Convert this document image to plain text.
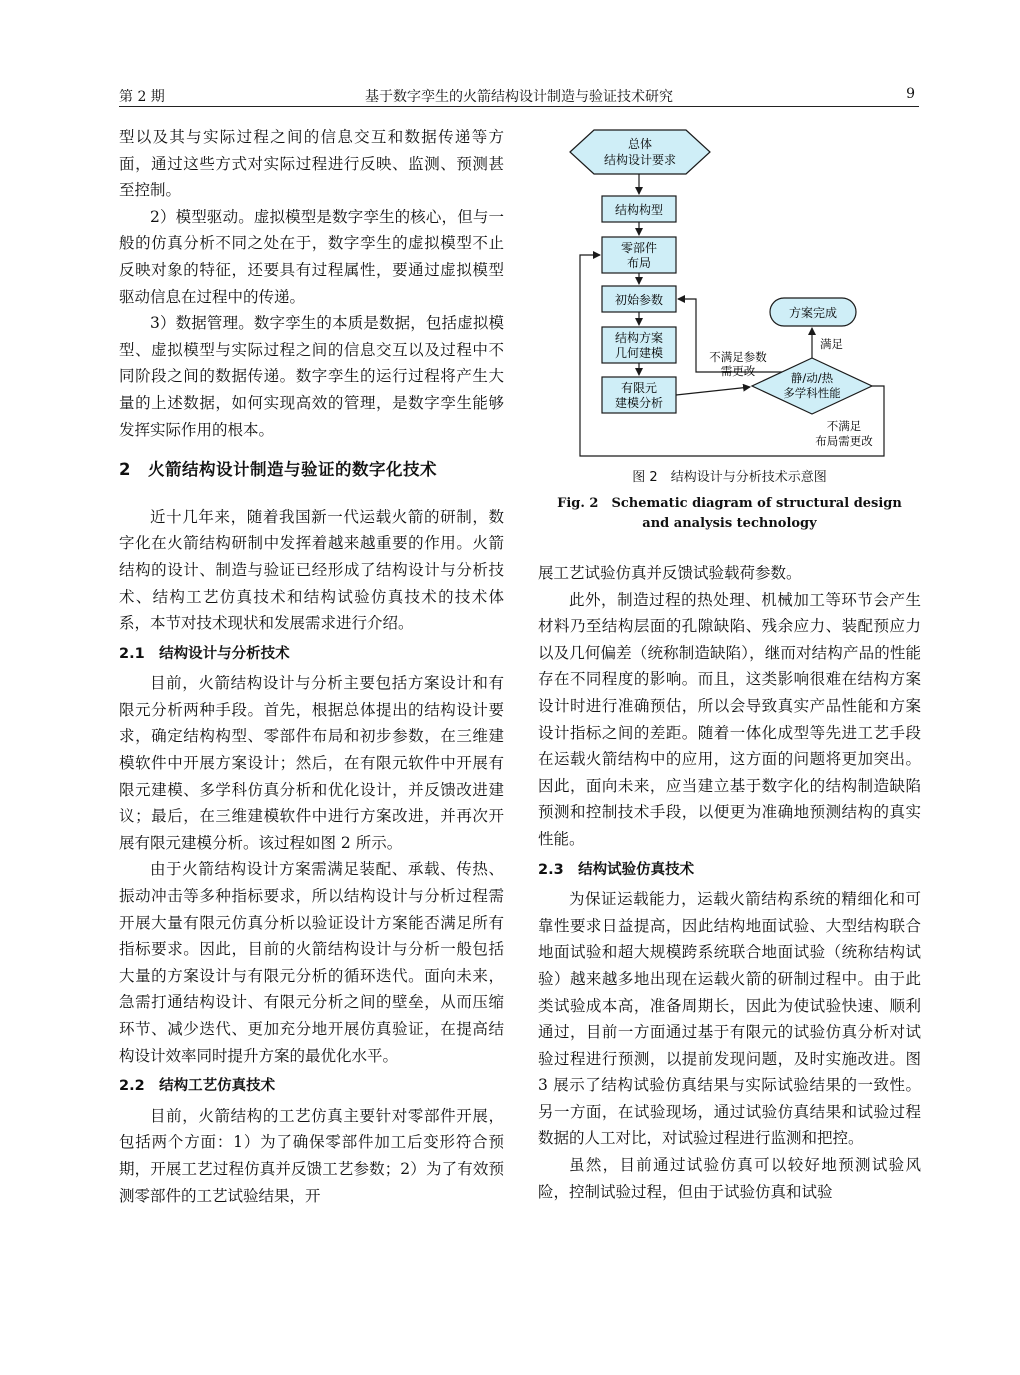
第 2 期	基于数字孪生的火箭结构设计制造与验证技术研究	9

型以及其与实际过程之间的信息交互和数据传递等方面，通过这些方式对实际过程进行反映、监测、预测甚至控制。

2）模型驱动。虚拟模型是数字孪生的核心，但与一般的仿真分析不同之处在于，数字孪生的虚拟模型不止反映对象的特征，还要具有过程属性，要通过虚拟模型驱动信息在过程中的传递。

3）数据管理。数字孪生的本质是数据，包括虚拟模型、虚拟模型与实际过程之间的信息交互以及过程中不同阶段之间的数据传递。数字孪生的运行过程将产生大量的上述数据，如何实现高效的管理，是数字孪生能够发挥实际作用的根本。

2　火箭结构设计制造与验证的数字化技术

近十几年来，随着我国新一代运载火箭的研制，数字化在火箭结构研制中发挥着越来越重要的作用。火箭结构的设计、制造与验证已经形成了结构设计与分析技术、结构工艺仿真技术和结构试验仿真技术的技术体系，本节对技术现状和发展需求进行介绍。

2.1　结构设计与分析技术

目前，火箭结构设计与分析主要包括方案设计和有限元分析两种手段。首先，根据总体提出的结构设计要求，确定结构构型、零部件布局和初步参数，在三维建模软件中开展方案设计；然后，在有限元软件中开展有限元建模、多学科仿真分析和优化设计，并反馈改进建议；最后，在三维建模软件中进行方案改进，并再次开展有限元建模分析。该过程如图 2 所示。

由于火箭结构设计方案需满足装配、承载、传热、振动冲击等多种指标要求，所以结构设计与分析过程需开展大量有限元仿真分析以验证设计方案能否满足所有指标要求。因此，目前的火箭结构设计与分析一般包括大量的方案设计与有限元分析的循环迭代。面向未来，急需打通结构设计、有限元分析之间的壁垒，从而压缩环节、减少迭代、更加充分地开展仿真验证，在提高结构设计效率同时提升方案的最优化水平。

2.2　结构工艺仿真技术

目前，火箭结构的工艺仿真主要针对零部件开展，包括两个方面：1）为了确保零部件加工后变形符合预期，开展工艺过程仿真并反馈工艺参数；2）为了有效预测零部件的工艺试验结果，开

总体
结构设计要求
结构构型
零部件
布局
初始参数
结构方案
几何建模
有限元
建模分析
静/动/热
多学科性能
方案完成
满足
不满足参数
需更改
不满足
布局需更改
图 2　结构设计与分析技术示意图
Fig. 2　Schematic diagram of structural design
and analysis technology

展工艺试验仿真并反馈试验载荷参数。

此外，制造过程的热处理、机械加工等环节会产生材料乃至结构层面的孔隙缺陷、残余应力、装配预应力以及几何偏差（统称制造缺陷），继而对结构产品的性能存在不同程度的影响。而且，这类影响很难在结构方案设计时进行准确预估，所以会导致真实产品性能和方案设计指标之间的差距。随着一体化成型等先进工艺手段在运载火箭结构中的应用，这方面的问题将更加突出。因此，面向未来，应当建立基于数字化的结构制造缺陷预测和控制技术手段，以便更为准确地预测结构的真实性能。

2.3　结构试验仿真技术

为保证运载能力，运载火箭结构系统的精细化和可靠性要求日益提高，因此结构地面试验、大型结构联合地面试验和超大规模跨系统联合地面试验（统称结构试验）越来越多地出现在运载火箭的研制过程中。由于此类试验成本高，准备周期长，因此为使试验快速、顺利通过，目前一方面通过基于有限元的试验仿真分析对试验过程进行预测，以提前发现问题，及时实施改进。图 3 展示了结构试验仿真结果与实际试验结果的一致性。另一方面，在试验现场，通过试验仿真结果和试验过程数据的人工对比，对试验过程进行监测和把控。

虽然，目前通过试验仿真可以较好地预测试验风险，控制试验过程，但由于试验仿真和试验
